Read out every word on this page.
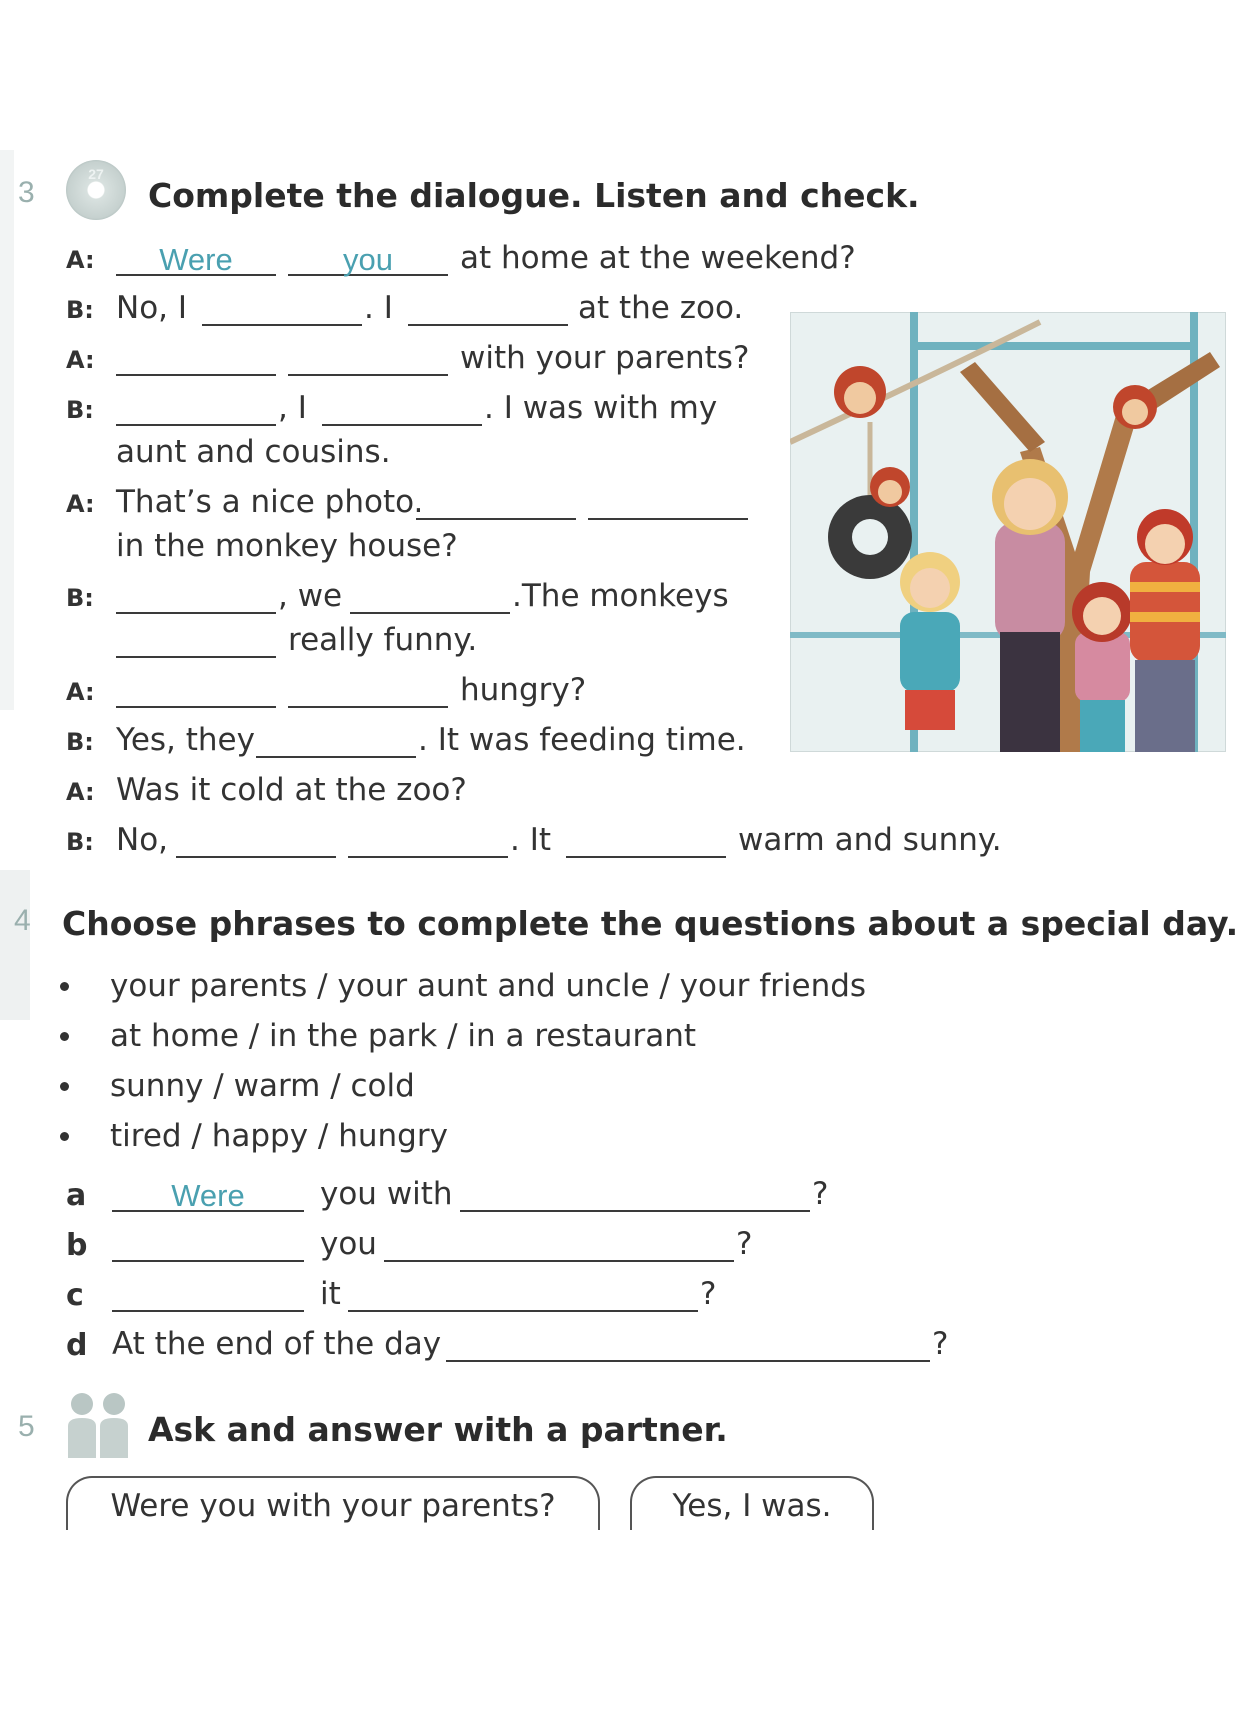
3
27
Complete the dialogue. Listen and check.
A:	Were	you	at home at the weekend?
B: No, I	. I	at the zoo.
A:	with your parents?
B:	, I	. I was with my
aunt and cousins.
A: That’s a nice photo.
in the monkey house?
B:	, we	.The monkeys
really funny.
A:	hungry?
B: Yes, they	. It was feeding time.
A: Was it cold at the zoo?
B: No,	. It	warm and sunny.
4 Choose phrases to complete the questions about a special day.
your parents / your aunt and uncle / your friends
at home / in the park / in a restaurant
sunny / warm / cold
tired / happy / hungry
a	Were	you with	?
b	you	?
c	it	?
d At the end of the day	?
5	Ask and answer with a partner.
Were you with your parents?	Yes, I was.
